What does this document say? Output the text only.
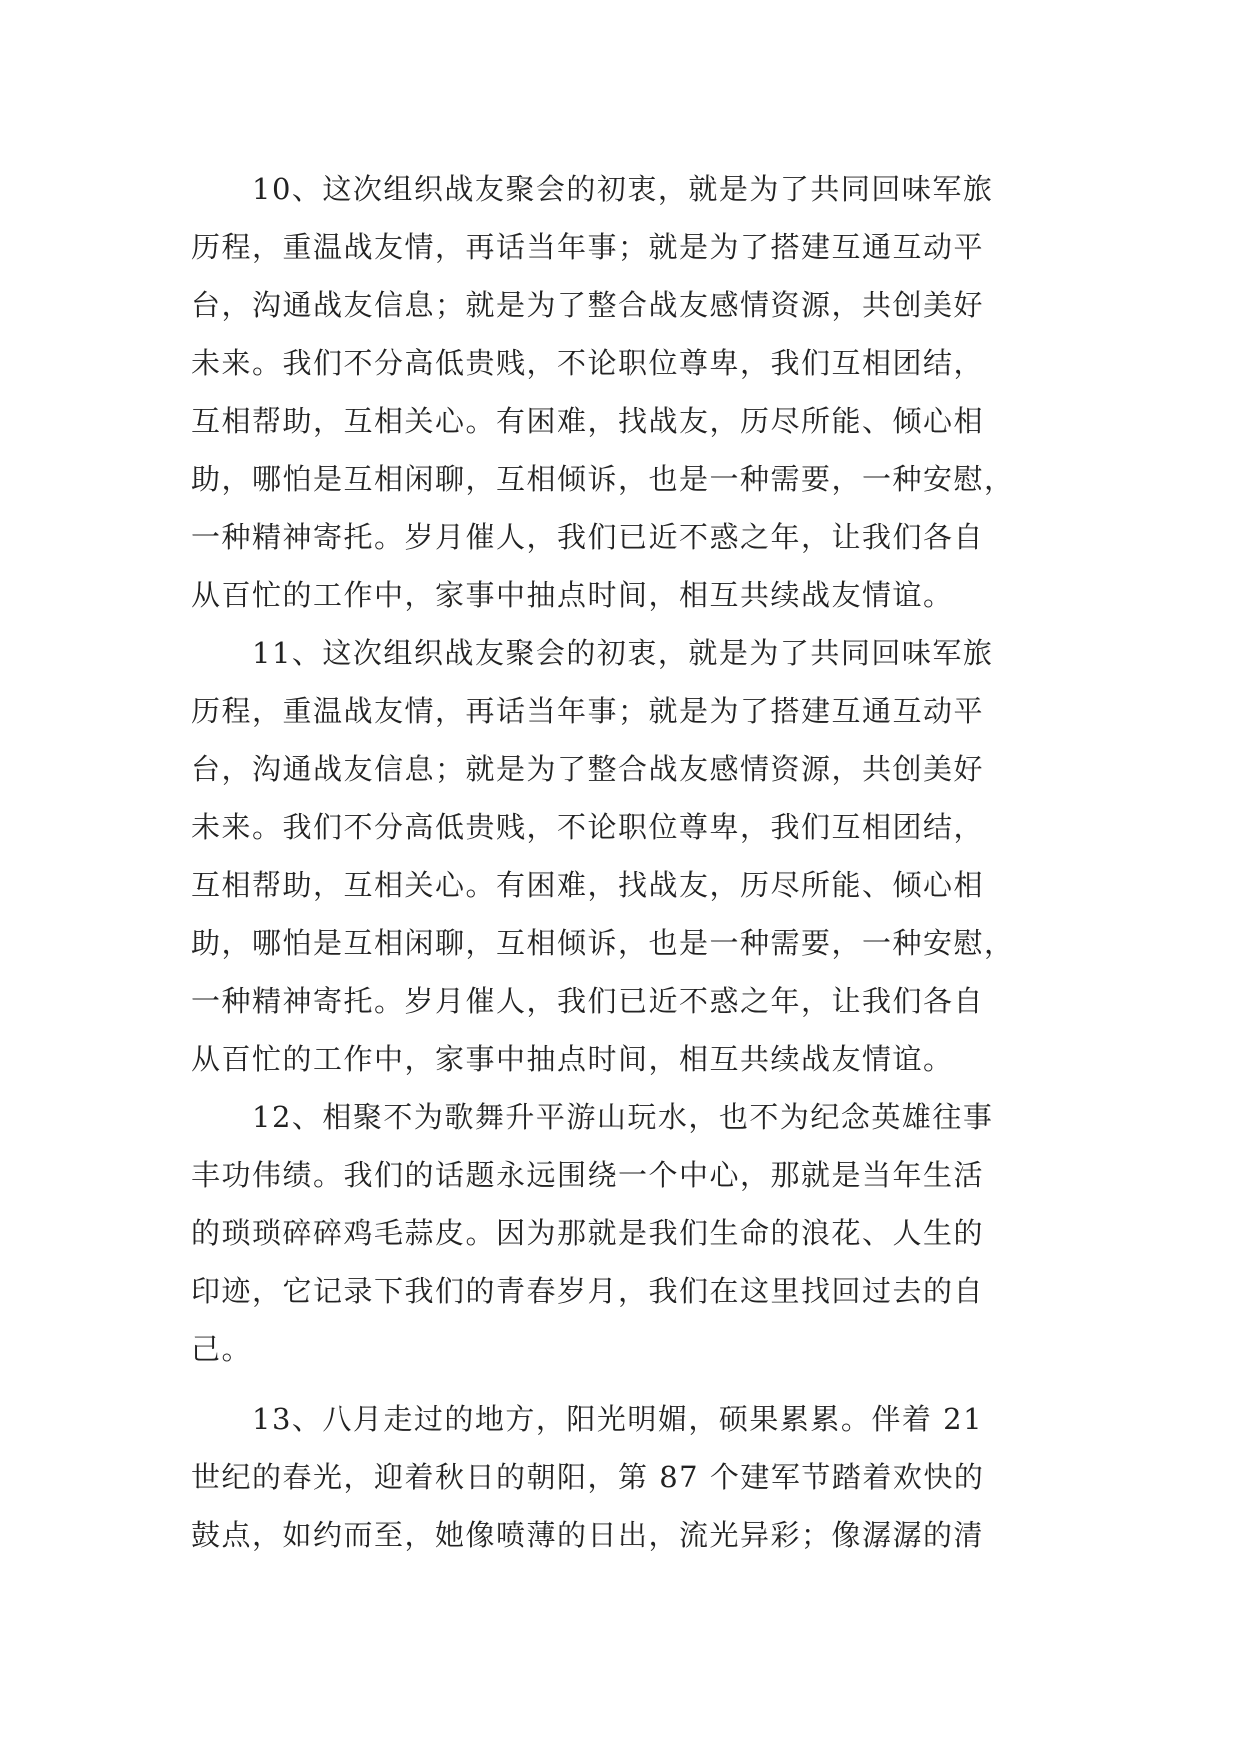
　　10、这次组织战友聚会的初衷，就是为了共同回味军旅
历程，重温战友情，再话当年事；就是为了搭建互通互动平
台，沟通战友信息；就是为了整合战友感情资源，共创美好
未来。我们不分高低贵贱，不论职位尊卑，我们互相团结，
互相帮助，互相关心。有困难，找战友，历尽所能、倾心相
助，哪怕是互相闲聊，互相倾诉，也是一种需要，一种安慰，
一种精神寄托。岁月催人，我们已近不惑之年，让我们各自
从百忙的工作中，家事中抽点时间，相互共续战友情谊。
　　11、这次组织战友聚会的初衷，就是为了共同回味军旅
历程，重温战友情，再话当年事；就是为了搭建互通互动平
台，沟通战友信息；就是为了整合战友感情资源，共创美好
未来。我们不分高低贵贱，不论职位尊卑，我们互相团结，
互相帮助，互相关心。有困难，找战友，历尽所能、倾心相
助，哪怕是互相闲聊，互相倾诉，也是一种需要，一种安慰，
一种精神寄托。岁月催人，我们已近不惑之年，让我们各自
从百忙的工作中，家事中抽点时间，相互共续战友情谊。
　　12、相聚不为歌舞升平游山玩水，也不为纪念英雄往事
丰功伟绩。我们的话题永远围绕一个中心，那就是当年生活
的琐琐碎碎鸡毛蒜皮。因为那就是我们生命的浪花、人生的
印迹，它记录下我们的青春岁月，我们在这里找回过去的自
己。
　　13、八月走过的地方，阳光明媚，硕果累累。伴着 21
世纪的春光，迎着秋日的朝阳，第 87 个建军节踏着欢快的
鼓点，如约而至，她像喷薄的日出，流光异彩；像潺潺的清
